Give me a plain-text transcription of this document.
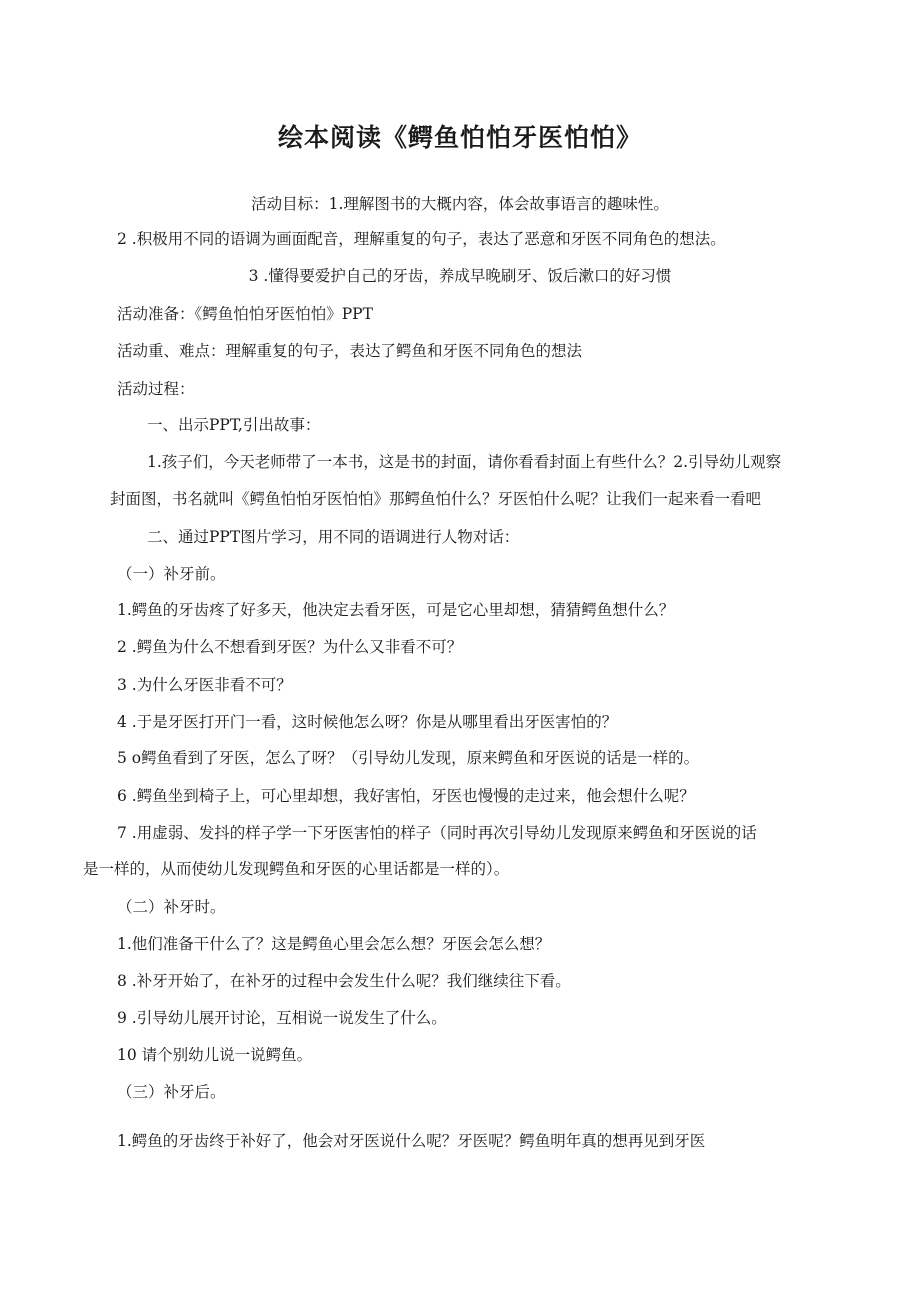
绘本阅读《鳄鱼怕怕牙医怕怕》
活动目标：1.理解图书的大概内容，体会故事语言的趣味性。
2 .积极用不同的语调为画面配音，理解重复的句子，表达了恶意和牙医不同角色的想法。
3 .懂得要爱护自己的牙齿，养成早晚刷牙、饭后漱口的好习惯
活动准备：《鳄鱼怕怕牙医怕怕》PPT
活动重、难点：理解重复的句子，表达了鳄鱼和牙医不同角色的想法
活动过程：
一、出示PPT,引出故事：
1.孩子们，今天老师带了一本书，这是书的封面，请你看看封面上有些什么？2.引导幼儿观察
封面图，书名就叫《鳄鱼怕怕牙医怕怕》那鳄鱼怕什么？牙医怕什么呢？让我们一起来看一看吧
二、通过PPT图片学习，用不同的语调进行人物对话：
（一）补牙前。
1.鳄鱼的牙齿疼了好多天，他决定去看牙医，可是它心里却想，猜猜鳄鱼想什么？
2 .鳄鱼为什么不想看到牙医？为什么又非看不可？
3 .为什么牙医非看不可？
4 .于是牙医打开门一看，这时候他怎么呀？你是从哪里看出牙医害怕的？
5 o鳄鱼看到了牙医，怎么了呀？（引导幼儿发现，原来鳄鱼和牙医说的话是一样的。
6 .鳄鱼坐到椅子上，可心里却想，我好害怕，牙医也慢慢的走过来，他会想什么呢？
7 .用虚弱、发抖的样子学一下牙医害怕的样子（同时再次引导幼儿发现原来鳄鱼和牙医说的话
是一样的，从而使幼儿发现鳄鱼和牙医的心里话都是一样的）。
（二）补牙时。
1.他们准备干什么了？这是鳄鱼心里会怎么想？牙医会怎么想？
8 .补牙开始了，在补牙的过程中会发生什么呢？我们继续往下看。
9 .引导幼儿展开讨论，互相说一说发生了什么。
10 请个别幼儿说一说鳄鱼。
（三）补牙后。
1.鳄鱼的牙齿终于补好了，他会对牙医说什么呢？牙医呢？鳄鱼明年真的想再见到牙医
